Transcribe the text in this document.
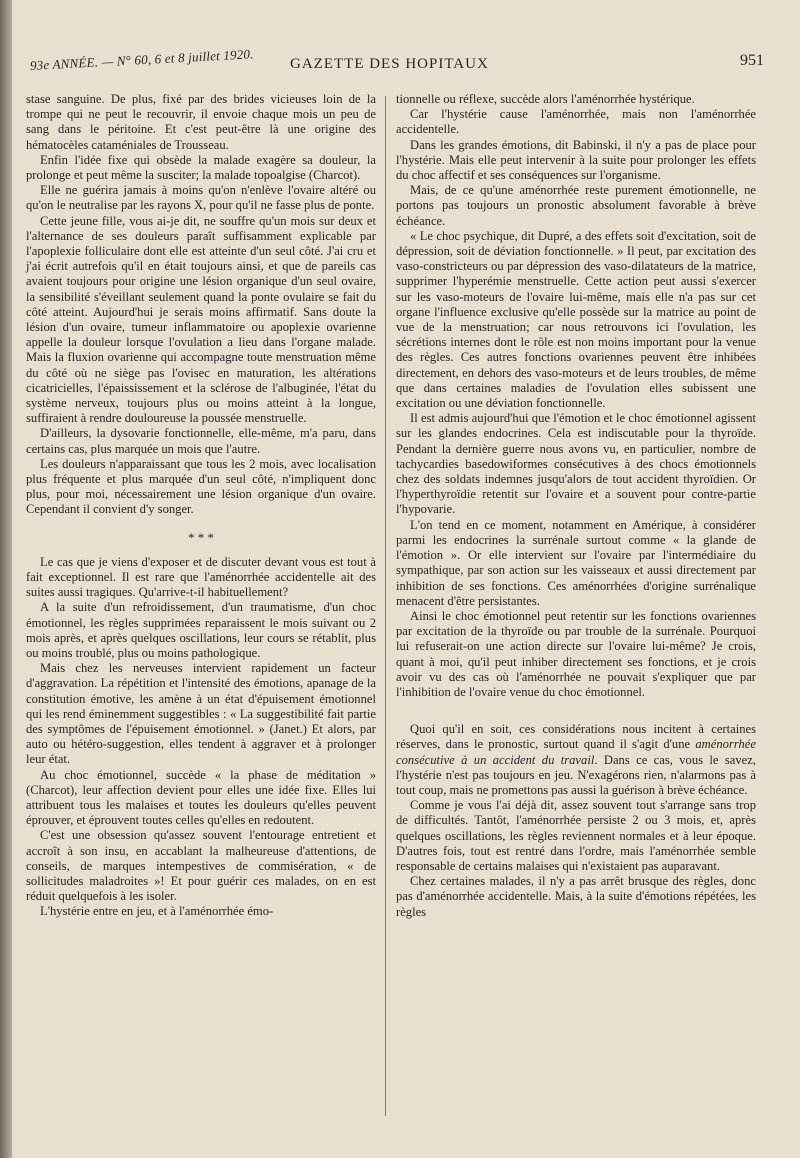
93e ANNÉE. — N° 60, 6 et 8 juillet 1920. GAZETTE DES HOPITAUX	951

stase sanguine. De plus, fixé par des brides vicieuses loin de la trompe qui ne peut le recouvrir, il envoie chaque mois un peu de sang dans le péritoine. Et c'est peut-être là une origine des hématocèles cataméniales de Trousseau.

Enfin l'idée fixe qui obsède la malade exagère sa douleur, la prolonge et peut même la susciter; la malade topoalgise (Charcot).

Elle ne guérira jamais à moins qu'on n'enlève l'ovaire altéré ou qu'on le neutralise par les rayons X, pour qu'il ne fasse plus de ponte.

Cette jeune fille, vous ai-je dit, ne souffre qu'un mois sur deux et l'alternance de ses douleurs paraît suffisamment explicable par l'apoplexie folliculaire dont elle est atteinte d'un seul côté. J'ai cru et j'ai écrit autrefois qu'il en était toujours ainsi, et que de pareils cas avaient toujours pour origine une lésion organique d'un seul ovaire, la sensibilité s'éveillant seulement quand la ponte ovulaire se fait du côté atteint. Aujourd'hui je serais moins affirmatif. Sans doute la lésion d'un ovaire, tumeur inflammatoire ou apoplexie ovarienne appelle la douleur lorsque l'ovulation a lieu dans l'organe malade. Mais la fluxion ovarienne qui accompagne toute menstruation même du côté où ne siège pas l'ovisec en maturation, les altérations cicatricielles, l'épaississement et la sclérose de l'albuginée, l'état du système nerveux, toujours plus ou moins atteint à la longue, suffiraient à rendre douloureuse la poussée menstruelle.

D'ailleurs, la dysovarie fonctionnelle, elle-même, m'a paru, dans certains cas, plus marquée un mois que l'autre.

Les douleurs n'apparaissant que tous les 2 mois, avec localisation plus fréquente et plus marquée d'un seul côté, n'impliquent donc plus, pour moi, nécessairement une lésion organique d'un ovaire. Cependant il convient d'y songer.

* * *

Le cas que je viens d'exposer et de discuter devant vous est tout à fait exceptionnel. Il est rare que l'aménorrhée accidentelle ait des suites aussi tragiques. Qu'arrive-t-il habituellement?

A la suite d'un refroidissement, d'un traumatisme, d'un choc émotionnel, les règles supprimées reparaissent le mois suivant ou 2 mois après, et après quelques oscillations, leur cours se rétablit, plus ou moins troublé, plus ou moins pathologique.

Mais chez les nerveuses intervient rapidement un facteur d'aggravation. La répétition et l'intensité des émotions, apanage de la constitution émotive, les amène à un état d'épuisement émotionnel qui les rend éminemment suggestibles : « La suggestibilité fait partie des symptômes de l'épuisement émotionnel. » (Janet.) Et alors, par auto ou hétéro-suggestion, elles tendent à aggraver et à prolonger leur état.

Au choc émotionnel, succède « la phase de méditation » (Charcot), leur affection devient pour elles une idée fixe. Elles lui attribuent tous les malaises et toutes les douleurs qu'elles peuvent éprouver, et éprouvent toutes celles qu'elles en redoutent.

C'est une obsession qu'assez souvent l'entourage entretient et accroît à son insu, en accablant la malheureuse d'attentions, de conseils, de marques intempestives de commisération, « de sollicitudes maladroites »! Et pour guérir ces malades, on en est réduit quelquefois à les isoler.

L'hystérie entre en jeu, et à l'aménorrhée émo-

tionnelle ou réflexe, succède alors l'aménorrhée hystérique.

Car l'hystérie cause l'aménorrhée, mais non l'aménorrhée accidentelle.

Dans les grandes émotions, dit Babinski, il n'y a pas de place pour l'hystérie. Mais elle peut intervenir à la suite pour prolonger les effets du choc affectif et ses conséquences sur l'organisme.

Mais, de ce qu'une aménorrhée reste purement émotionnelle, ne portons pas toujours un pronostic absolument favorable à brève échéance.

« Le choc psychique, dit Dupré, a des effets soit d'excitation, soit de dépression, soit de déviation fonctionnelle. » Il peut, par excitation des vaso-constricteurs ou par dépression des vaso-dilatateurs de la matrice, supprimer l'hyperémie menstruelle. Cette action peut aussi s'exercer sur les vaso-moteurs de l'ovaire lui-même, mais elle n'a pas sur cet organe l'influence exclusive qu'elle possède sur la matrice au point de vue de la menstruation; car nous retrouvons ici l'ovulation, les sécrétions internes dont le rôle est non moins important pour la venue des règles. Ces autres fonctions ovariennes peuvent être inhibées directement, en dehors des vaso-moteurs et de leurs troubles, de même que dans certaines maladies de l'ovulation elles subissent une excitation ou une déviation fonctionnelle.

Il est admis aujourd'hui que l'émotion et le choc émotionnel agissent sur les glandes endocrines. Cela est indiscutable pour la thyroïde. Pendant la dernière guerre nous avons vu, en particulier, nombre de tachycardies basedowiformes consécutives à des chocs émotionnels chez des soldats indemnes jusqu'alors de tout accident thyroïdien. Or l'hyperthyroïdie retentit sur l'ovaire et a souvent pour contre-partie l'hypovarie.

L'on tend en ce moment, notamment en Amérique, à considérer parmi les endocrines la surrénale surtout comme « la glande de l'émotion ». Or elle intervient sur l'ovaire par l'intermédiaire du sympathique, par son action sur les vaisseaux et aussi directement par inhibition de ses fonctions. Ces aménorrhées d'origine surrénalique menacent d'être persistantes.

Ainsi le choc émotionnel peut retentir sur les fonctions ovariennes par excitation de la thyroïde ou par trouble de la surrénale. Pourquoi lui refuserait-on une action directe sur l'ovaire lui-même? Je crois, quant à moi, qu'il peut inhiber directement ses fonctions, et je crois avoir vu des cas où l'aménorrhée ne pouvait s'expliquer que par l'inhibition de l'ovaire venue du choc émotionnel.

Quoi qu'il en soit, ces considérations nous incitent à certaines réserves, dans le pronostic, surtout quand il s'agit d'une aménorrhée consécutive à un accident du travail. Dans ce cas, vous le savez, l'hystérie n'est pas toujours en jeu. N'exagérons rien, n'alarmons pas à tout coup, mais ne promettons pas aussi la guérison à brève échéance.

Comme je vous l'ai déjà dit, assez souvent tout s'arrange sans trop de difficultés. Tantôt, l'aménorrhée persiste 2 ou 3 mois, et, après quelques oscillations, les règles reviennent normales et à leur époque. D'autres fois, tout est rentré dans l'ordre, mais l'aménorrhée semble responsable de certains malaises qui n'existaient pas auparavant.

Chez certaines malades, il n'y a pas arrêt brusque des règles, donc pas d'aménorrhée accidentelle. Mais, à la suite d'émotions répétées, les règles
